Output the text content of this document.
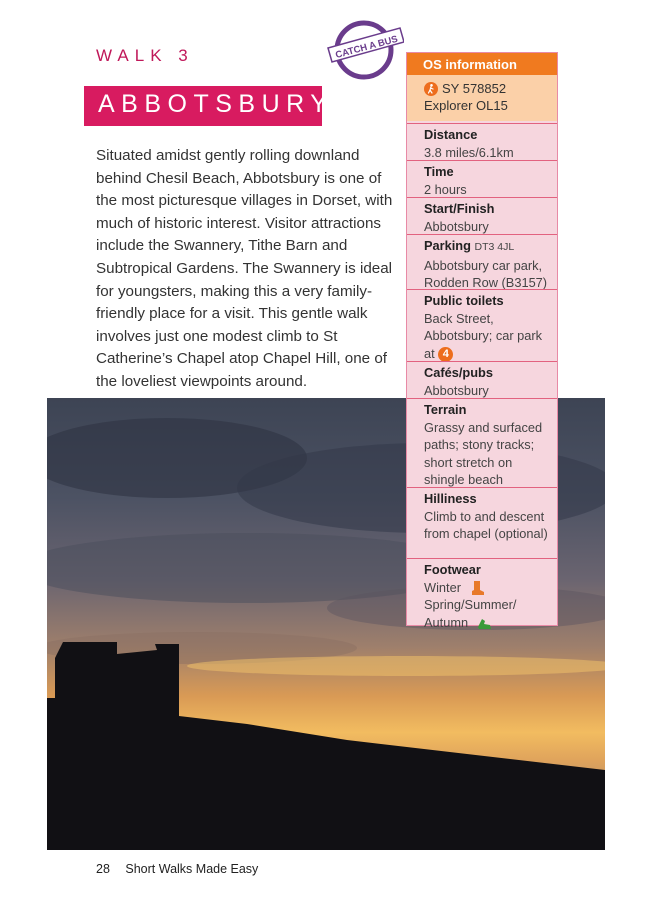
WALK 3
ABBOTSBURY
CATCH A BUS

Situated amidst gently rolling downland behind Chesil Beach, Abbotsbury is one of the most picturesque villages in Dorset, with much of historic interest. Visitor attractions include the Swannery, Tithe Barn and Subtropical Gardens. The Swannery is ideal for youngsters, making this a very family-friendly place for a visit. This gentle walk involves just one modest climb to St Catherine’s Chapel atop Chapel Hill, one of the loveliest viewpoints around.

OS information
SY 578852
Explorer OL15
Distance
3.8 miles/6.1km
Time
2 hours
Start/Finish
Abbotsbury
Parking DT3 4JL
Abbotsbury car park, Rodden Row (B3157)
Public toilets
Back Street, Abbotsbury; car park at 4
Cafés/pubs
Abbotsbury
Terrain
Grassy and surfaced paths; stony tracks; short stretch on shingle beach
Hilliness
Climb to and descent from chapel (optional)
Footwear
Winter
Spring/Summer/
Autumn
28 Short Walks Made Easy
